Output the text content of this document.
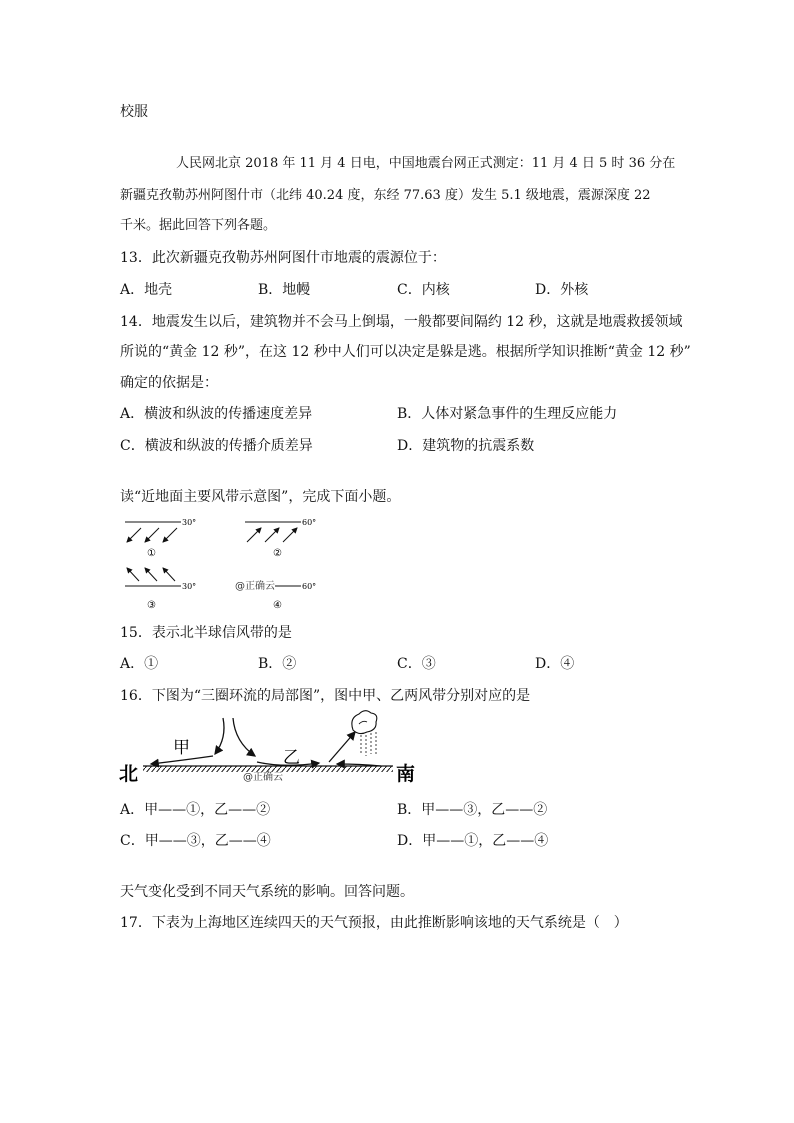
校服
人民网北京 2018 年 11 月 4 日电，中国地震台网正式测定：11 月 4 日 5 时 36 分在
新疆克孜勒苏州阿图什市（北纬 40.24 度，东经 77.63 度）发生 5.1 级地震，震源深度 22
千米。据此回答下列各题。
13．此次新疆克孜勒苏州阿图什市地震的震源位于：
A．地壳	B．地幔	C．内核	D．外核
14．地震发生以后，建筑物并不会马上倒塌，一般都要间隔约 12 秒，这就是地震救援领域
所说的“黄金 12 秒”，在这 12 秒中人们可以决定是躲是逃。根据所学知识推断“黄金 12 秒”
确定的依据是：
A．横波和纵波的传播速度差异	B．人体对紧急事件的生理反应能力
C．横波和纵波的传播介质差异	D．建筑物的抗震系数
读“近地面主要风带示意图”，完成下面小题。
30°
①
60°
②
30°
③
@正确云	60°
④
15．表示北半球信风带的是
A．①	B．②	C．③	D．④
16．下图为“三圈环流的局部图”，图中甲、乙两风带分别对应的是
北	南
甲	乙
@正确云
A．甲——①，乙——②	B．甲——③，乙——②
C．甲——③，乙——④	D．甲——①，乙——④
天气变化受到不同天气系统的影响。回答问题。
17．下表为上海地区连续四天的天气预报，由此推断影响该地的天气系统是（　）
